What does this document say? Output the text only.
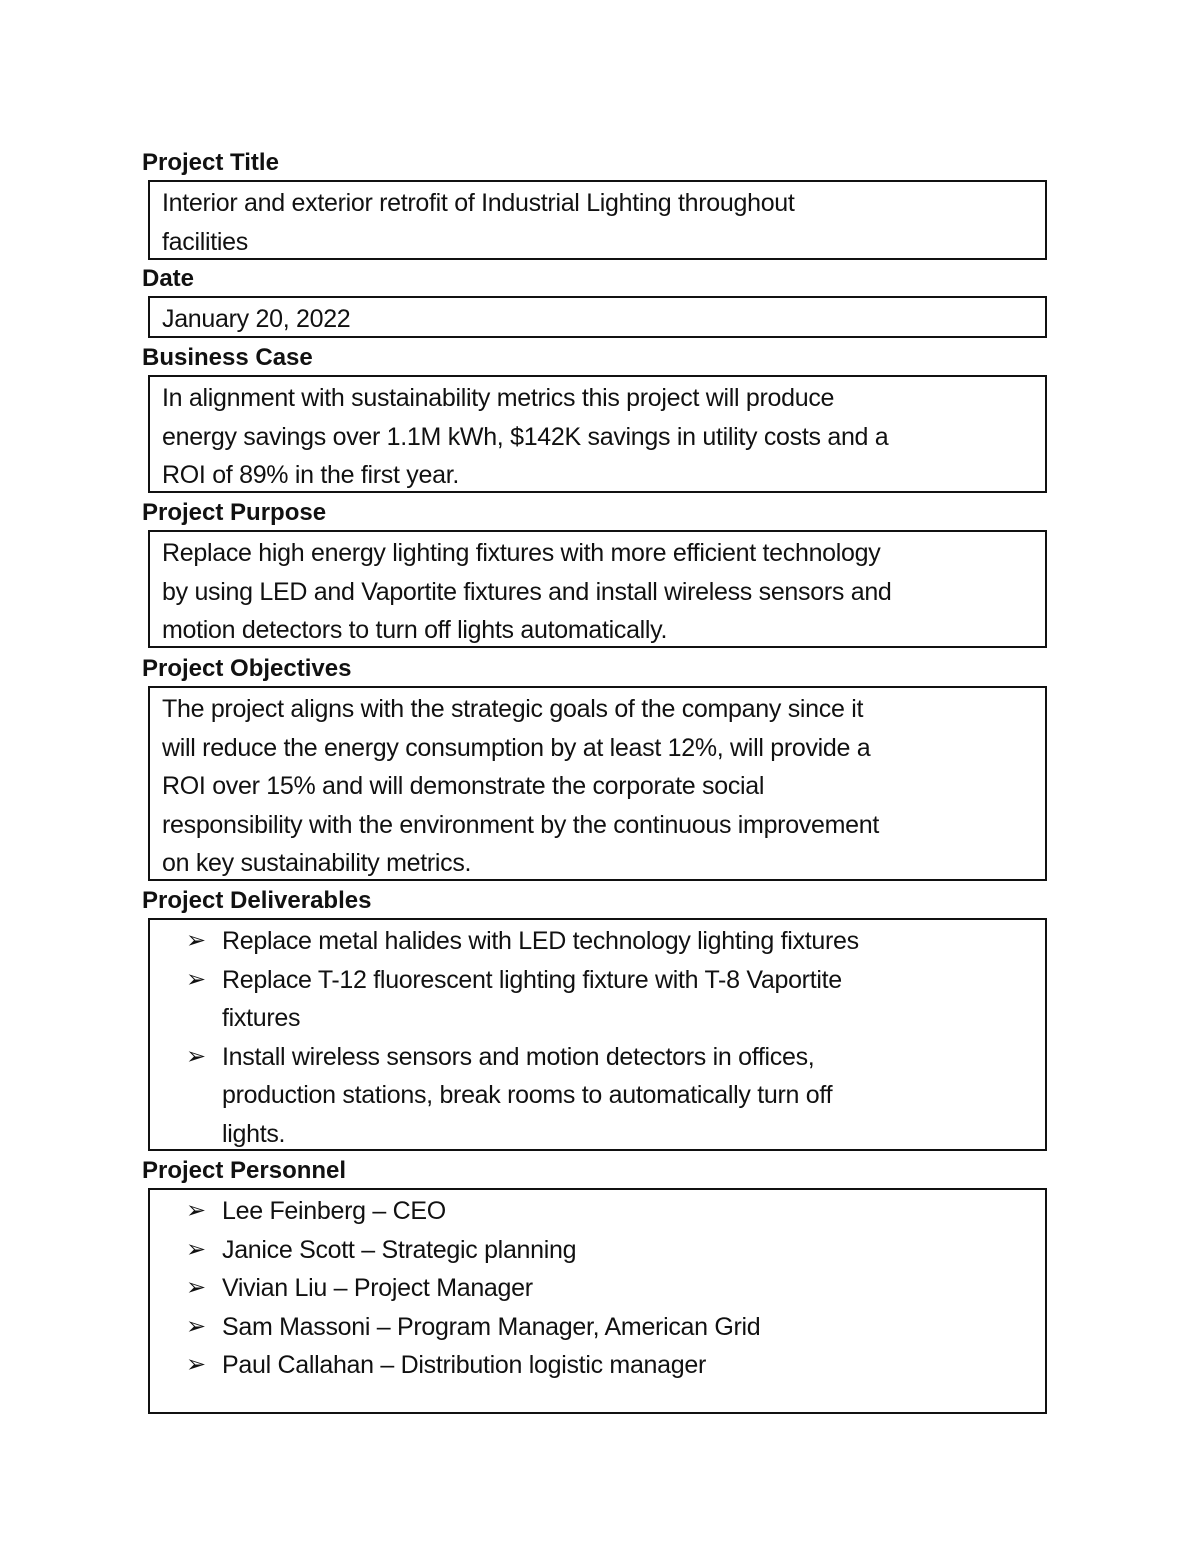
Project Title
Interior and exterior retrofit of Industrial Lighting throughout
facilities
Date
January 20, 2022
Business Case
In alignment with sustainability metrics this project will produce
energy savings over 1.1M kWh, $142K savings in utility costs and a
ROI of 89% in the first year.
Project Purpose
Replace high energy lighting fixtures with more efficient technology
by using LED and Vaportite fixtures and install wireless sensors and
motion detectors to turn off lights automatically.
Project Objectives
The project aligns with the strategic goals of the company since it
will reduce the energy consumption by at least 12%, will provide a
ROI over 15% and will demonstrate the corporate social
responsibility with the environment by the continuous improvement
on key sustainability metrics.
Project Deliverables
➢ Replace metal halides with LED technology lighting fixtures
➢ Replace T-12 fluorescent lighting fixture with T-8 Vaportite
fixtures
➢ Install wireless sensors and motion detectors in offices,
production stations, break rooms to automatically turn off
lights.
Project Personnel
➢ Lee Feinberg – CEO
➢ Janice Scott – Strategic planning
➢ Vivian Liu – Project Manager
➢ Sam Massoni – Program Manager, American Grid
➢ Paul Callahan – Distribution logistic manager
